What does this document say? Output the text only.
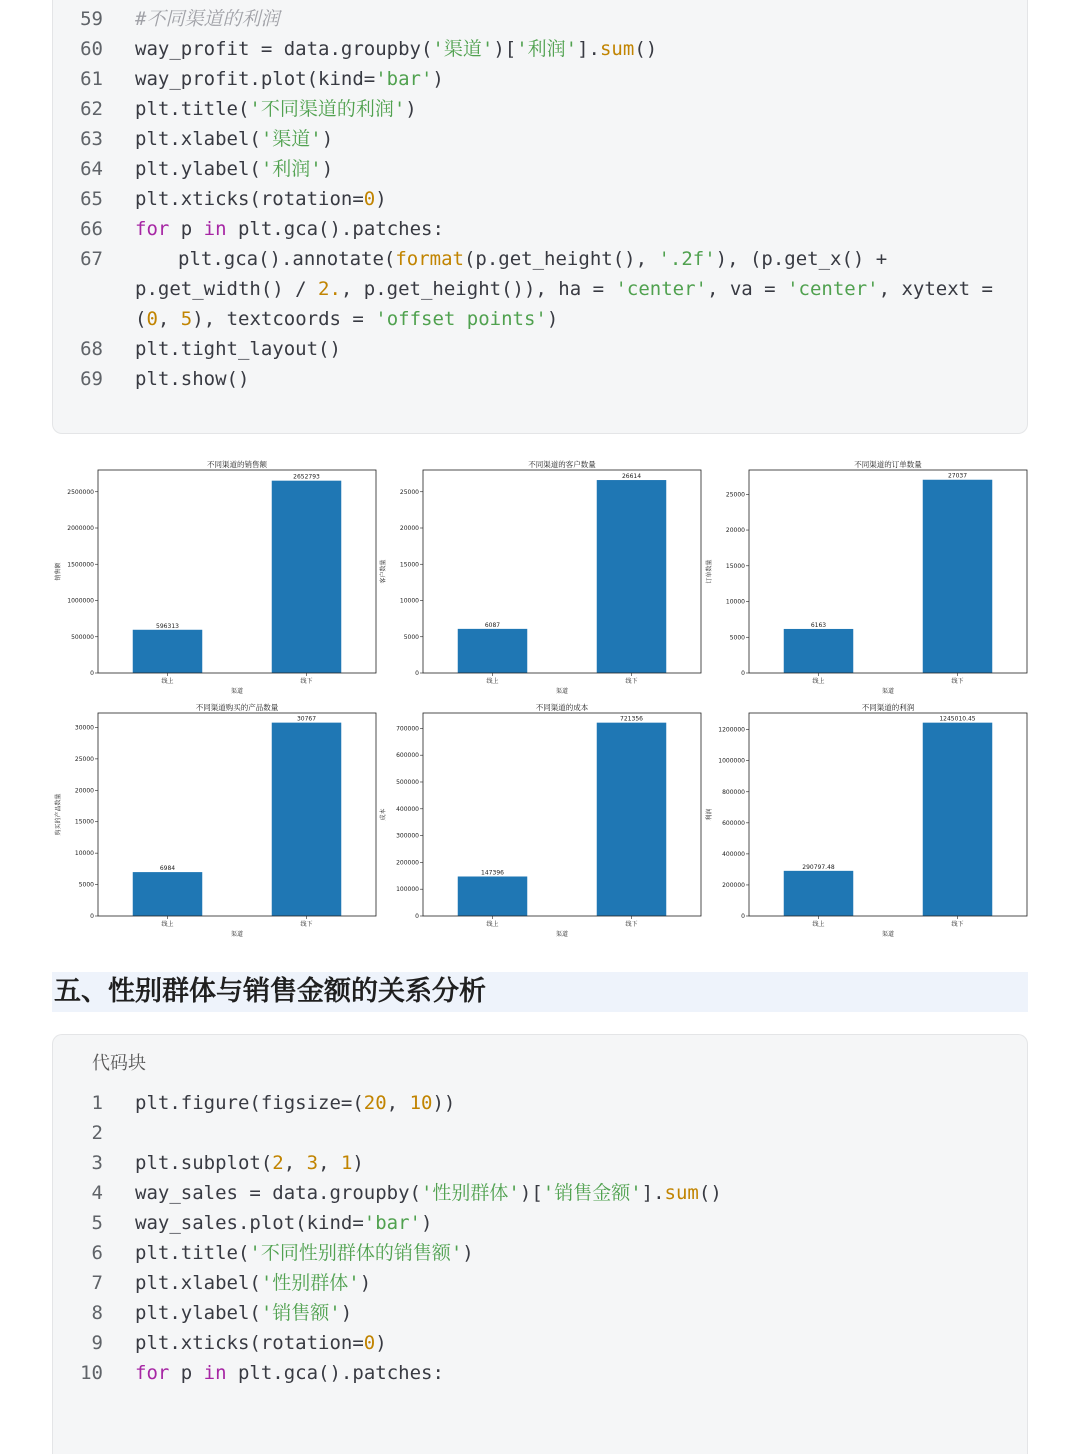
59 #不同渠道的利润
60 way_profit = data.groupby('渠道')['利润'].sum()
61 way_profit.plot(kind='bar')
62 plt.title('不同渠道的利润')
63 plt.xlabel('渠道')
64 plt.ylabel('利润')
65 plt.xticks(rotation=0)
66 for p in plt.gca().patches:
67	plt.gca().annotate(format(p.get_height(), '.2f'), (p.get_x() +
p.get_width() / 2., p.get_height()), ha = 'center', va = 'center', xytext =
(0, 5), textcoords = 'offset points')
68 plt.tight_layout()
69 plt.show()
不同渠道的销售额
596313
线上
2652793
线下
0
500000
1000000
1500000
2000000
2500000
渠道
销售额
不同渠道的客户数量
6087
线上
26614
线下
0
5000
10000
15000
20000
25000
渠道
客户数量
不同渠道的订单数量
6163
线上
27037
线下
0
5000
10000
15000
20000
25000
渠道
订单数量
不同渠道购买的产品数量
6984
线上
30767
线下
0
5000
10000
15000
20000
25000
30000
渠道
购买的产品数量
不同渠道的成本
147396
线上
721356
线下
0
100000
200000
300000
400000
500000
600000
700000
渠道
成本
不同渠道的利润
290797.48
线上
1245010.45
线下
0
200000
400000
600000
800000
1000000
1200000
渠道
利润
五、性别群体与销售金额的关系分析
代码块
1 plt.figure(figsize=(20, 10))
2
3 plt.subplot(2, 3, 1)
4 way_sales = data.groupby('性别群体')['销售金额'].sum()
5 way_sales.plot(kind='bar')
6 plt.title('不同性别群体的销售额')
7 plt.xlabel('性别群体')
8 plt.ylabel('销售额')
9 plt.xticks(rotation=0)
10 for p in plt.gca().patches:
